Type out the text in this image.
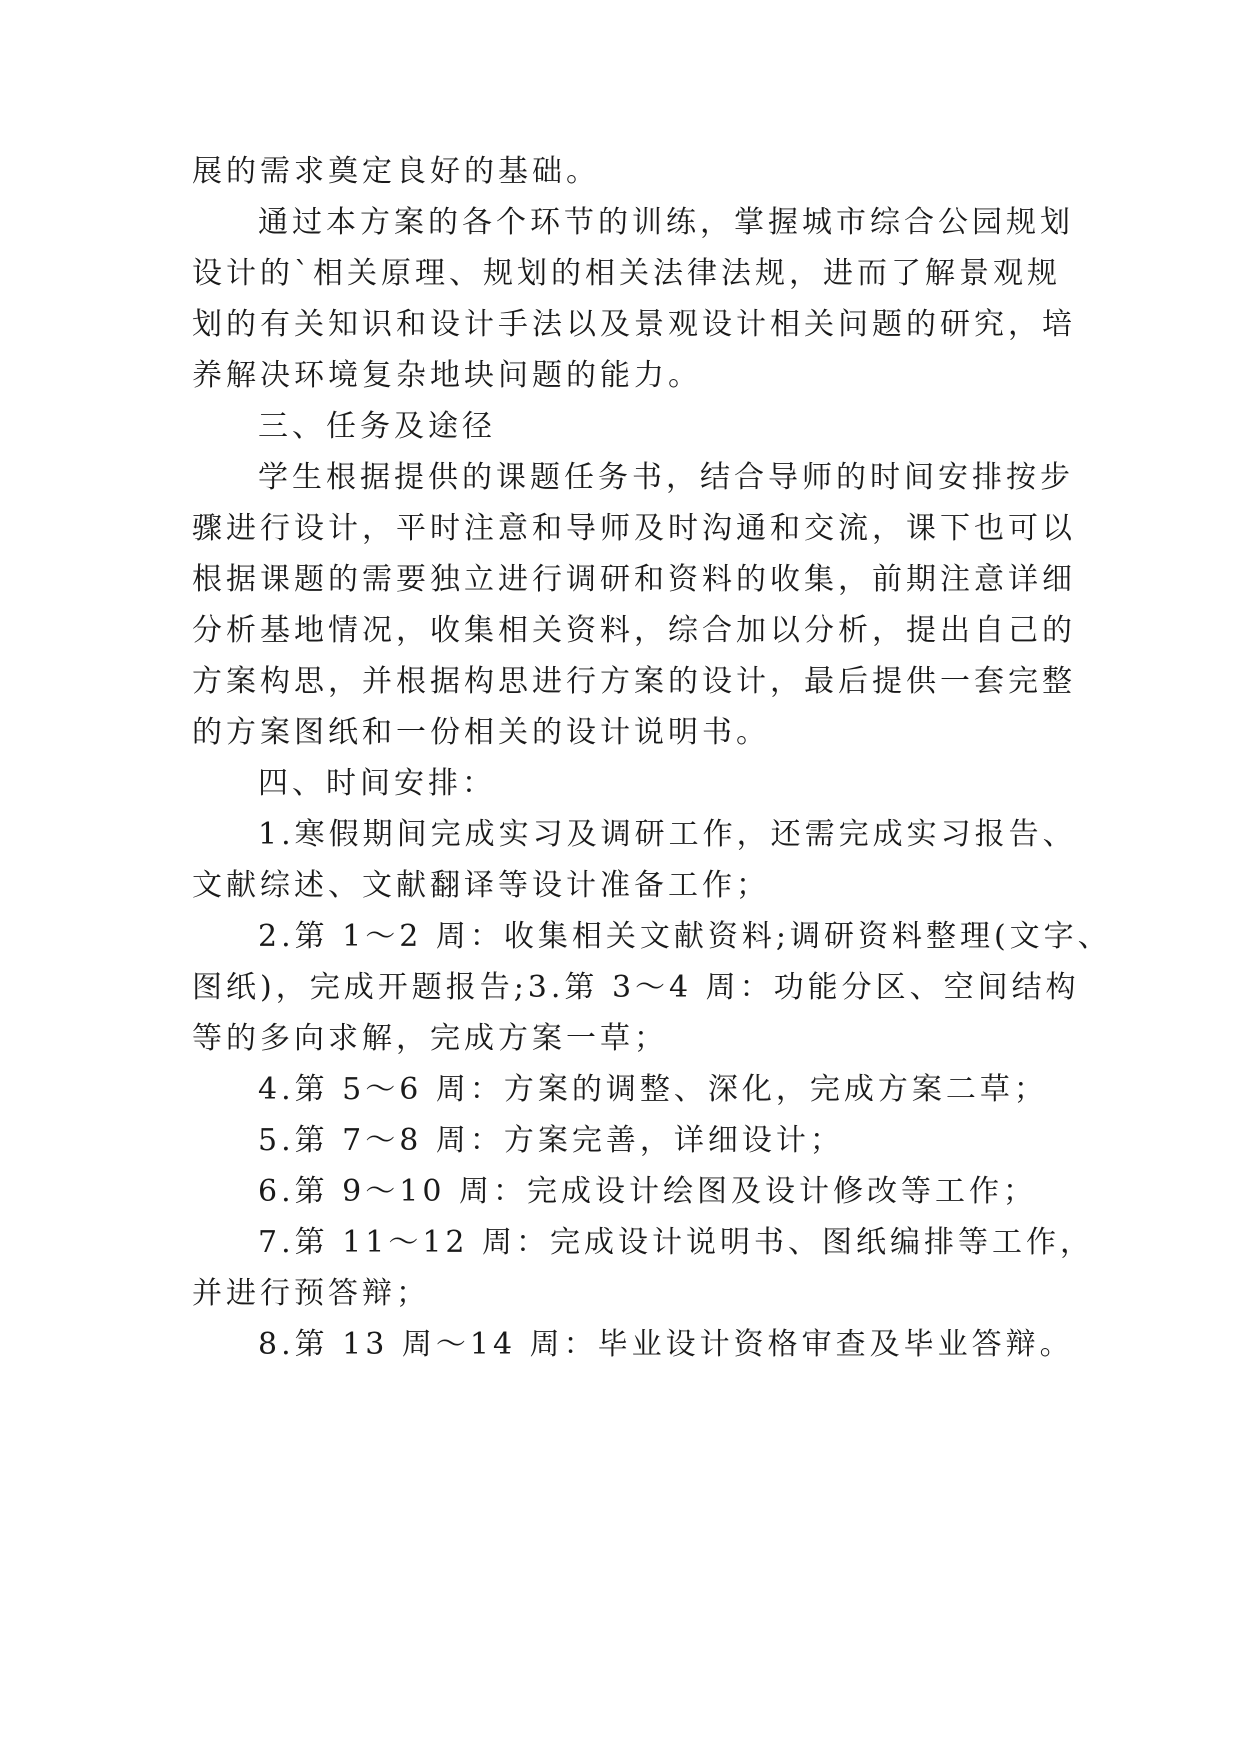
展的需求奠定良好的基础。
通过本方案的各个环节的训练，掌握城市综合公园规划
设计的`相关原理、规划的相关法律法规，进而了解景观规
划的有关知识和设计手法以及景观设计相关问题的研究，培
养解决环境复杂地块问题的能力。
三、任务及途径
学生根据提供的课题任务书，结合导师的时间安排按步
骤进行设计，平时注意和导师及时沟通和交流，课下也可以
根据课题的需要独立进行调研和资料的收集，前期注意详细
分析基地情况，收集相关资料，综合加以分析，提出自己的
方案构思，并根据构思进行方案的设计，最后提供一套完整
的方案图纸和一份相关的设计说明书。
四、时间安排：
1.寒假期间完成实习及调研工作，还需完成实习报告、
文献综述、文献翻译等设计准备工作；
2.第 1～2 周：收集相关文献资料;调研资料整理(文字、
图纸)，完成开题报告;3.第 3～4 周：功能分区、空间结构
等的多向求解，完成方案一草；
4.第 5～6 周：方案的调整、深化，完成方案二草；
5.第 7～8 周：方案完善，详细设计；
6.第 9～10 周：完成设计绘图及设计修改等工作；
7.第 11～12 周：完成设计说明书、图纸编排等工作，
并进行预答辩；
8.第 13 周～14 周：毕业设计资格审查及毕业答辩。
